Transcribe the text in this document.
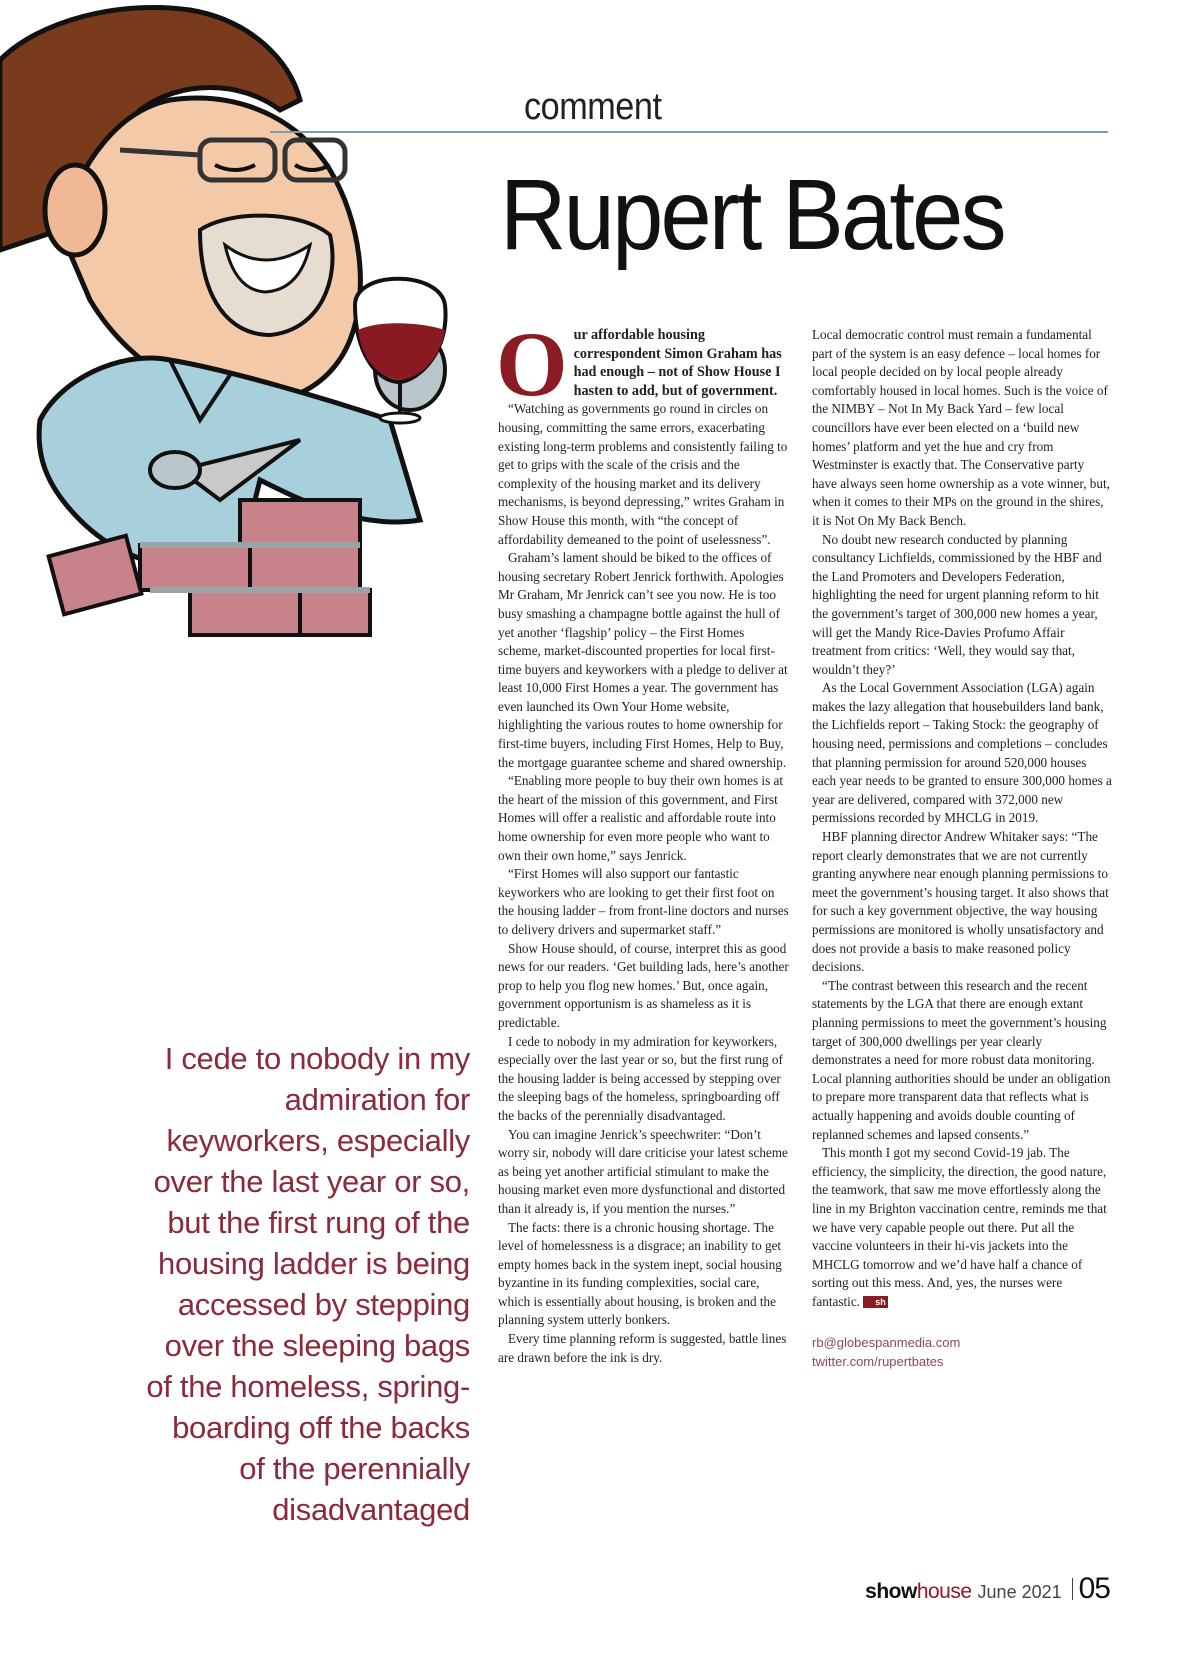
comment
Rupert Bates
I cede to nobody in my admiration for keyworkers, especially over the last year or so, but the first rung of the housing ladder is being accessed by stepping over the sleeping bags of the homeless, spring-boarding off the backs of the perennially disadvantaged

Our affordable housing correspondent Simon Graham has had enough – not of Show House I hasten to add, but of government.

“Watching as governments go round in circles on housing, committing the same errors, exacerbating existing long-term problems and consistently failing to get to grips with the scale of the crisis and the complexity of the housing market and its delivery mechanisms, is beyond depressing,” writes Graham in Show House this month, with “the concept of affordability demeaned to the point of uselessness”.

Graham’s lament should be biked to the offices of housing secretary Robert Jenrick forthwith. Apologies Mr Graham, Mr Jenrick can’t see you now. He is too busy smashing a champagne bottle against the hull of yet another ‘flagship’ policy – the First Homes scheme, market-discounted properties for local first-time buyers and keyworkers with a pledge to deliver at least 10,000 First Homes a year. The government has even launched its Own Your Home website, highlighting the various routes to home ownership for first-time buyers, including First Homes, Help to Buy, the mortgage guarantee scheme and shared ownership.

“Enabling more people to buy their own homes is at the heart of the mission of this government, and First Homes will offer a realistic and affordable route into home ownership for even more people who want to own their own home,” says Jenrick.

“First Homes will also support our fantastic keyworkers who are looking to get their first foot on the housing ladder – from front-line doctors and nurses to delivery drivers and supermarket staff.”

Show House should, of course, interpret this as good news for our readers. ‘Get building lads, here’s another prop to help you flog new homes.’ But, once again, government opportunism is as shameless as it is predictable.

I cede to nobody in my admiration for keyworkers, especially over the last year or so, but the first rung of the housing ladder is being accessed by stepping over the sleeping bags of the homeless, springboarding off the backs of the perennially disadvantaged.

You can imagine Jenrick’s speechwriter: “Don’t worry sir, nobody will dare criticise your latest scheme as being yet another artificial stimulant to make the housing market even more dysfunctional and distorted than it already is, if you mention the nurses.”

The facts: there is a chronic housing shortage. The level of homelessness is a disgrace; an inability to get empty homes back in the system inept, social housing byzantine in its funding complexities, social care, which is essentially about housing, is broken and the planning system utterly bonkers.

Every time planning reform is suggested, battle lines are drawn before the ink is dry.

Local democratic control must remain a fundamental part of the system is an easy defence – local homes for local people decided on by local people already comfortably housed in local homes. Such is the voice of the NIMBY – Not In My Back Yard – few local councillors have ever been elected on a ‘build new homes’ platform and yet the hue and cry from Westminster is exactly that. The Conservative party have always seen home ownership as a vote winner, but, when it comes to their MPs on the ground in the shires, it is Not On My Back Bench.

No doubt new research conducted by planning consultancy Lichfields, commissioned by the HBF and the Land Promoters and Developers Federation, highlighting the need for urgent planning reform to hit the government’s target of 300,000 new homes a year, will get the Mandy Rice-Davies Profumo Affair treatment from critics: ‘Well, they would say that, wouldn’t they?’

As the Local Government Association (LGA) again makes the lazy allegation that housebuilders land bank, the Lichfields report – Taking Stock: the geography of housing need, permissions and completions – concludes that planning permission for around 520,000 houses each year needs to be granted to ensure 300,000 homes a year are delivered, compared with 372,000 new permissions recorded by MHCLG in 2019.

HBF planning director Andrew Whitaker says: “The report clearly demonstrates that we are not currently granting anywhere near enough planning permissions to meet the government’s housing target. It also shows that for such a key government objective, the way housing permissions are monitored is wholly unsatisfactory and does not provide a basis to make reasoned policy decisions.

“The contrast between this research and the recent statements by the LGA that there are enough extant planning permissions to meet the government’s housing target of 300,000 dwellings per year clearly demonstrates a need for more robust data monitoring. Local planning authorities should be under an obligation to prepare more transparent data that reflects what is actually happening and avoids double counting of replanned schemes and lapsed consents.”

This month I got my second Covid-19 jab. The efficiency, the simplicity, the direction, the good nature, the teamwork, that saw me move effortlessly along the line in my Brighton vaccination centre, reminds me that we have very capable people out there. Put all the vaccine volunteers in their hi-vis jackets into the MHCLG tomorrow and we’d have half a chance of sorting out this mess. And, yes, the nurses were fantastic. sh

rb@globespanmedia.com
twitter.com/rupertbates
show house June 2021 05
